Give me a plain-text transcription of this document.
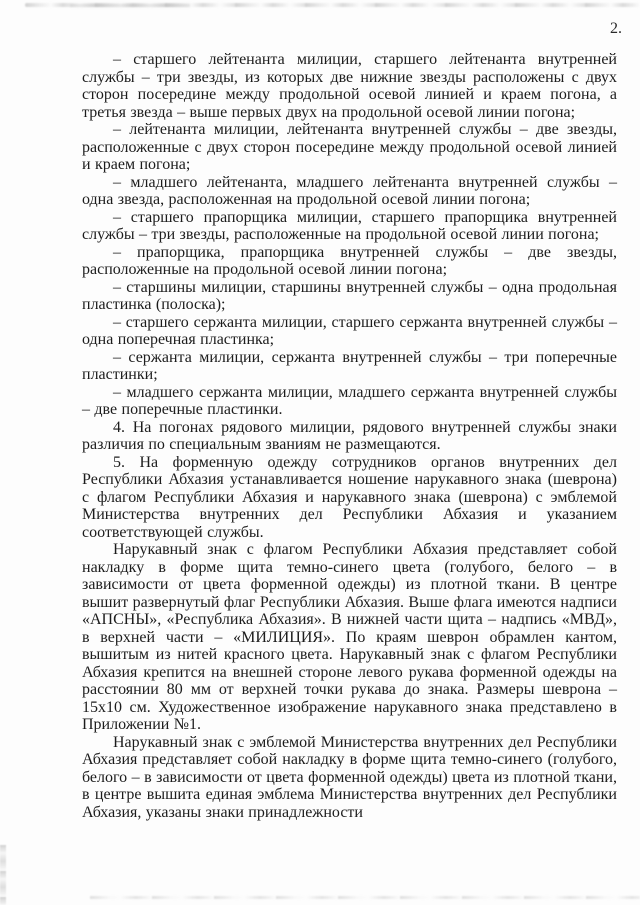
2.

– старшего лейтенанта милиции, старшего лейтенанта внутренней службы – три звезды, из которых две нижние звезды расположены с двух сторон посередине между продольной осевой линией и краем погона, а третья звезда – выше первых двух на продольной осевой линии погона;

– лейтенанта милиции, лейтенанта внутренней службы – две звезды, расположенные с двух сторон посередине между продольной осевой линией и краем погона;

– младшего лейтенанта, младшего лейтенанта внутренней службы – одна звезда, расположенная на продольной осевой линии погона;

– старшего прапорщика милиции, старшего прапорщика внутренней службы – три звезды, расположенные на продольной осевой линии погона;

– прапорщика, прапорщика внутренней службы – две звезды, расположенные на продольной осевой линии погона;

– старшины милиции, старшины внутренней службы – одна продольная пластинка (полоска);

– старшего сержанта милиции, старшего сержанта внутренней службы – одна поперечная пластинка;

– сержанта милиции, сержанта внутренней службы – три поперечные пластинки;

– младшего сержанта милиции, младшего сержанта внутренней службы – две поперечные пластинки.

4. На погонах рядового милиции, рядового внутренней службы знаки различия по специальным званиям не размещаются.

5. На форменную одежду сотрудников органов внутренних дел Республики Абхазия устанавливается ношение нарукавного знака (шеврона) с флагом Республики Абхазия и нарукавного знака (шеврона) с эмблемой Министерства внутренних дел Республики Абхазия и указанием соответствующей службы.

Нарукавный знак с флагом Республики Абхазия представляет собой накладку в форме щита темно-синего цвета (голубого, белого – в зависимости от цвета форменной одежды) из плотной ткани. В центре вышит развернутый флаг Республики Абхазия. Выше флага имеются надписи «АПСНЫ», «Республика Абхазия». В нижней части щита – надпись «МВД», в верхней части – «МИЛИЦИЯ». По краям шеврон обрамлен кантом, вышитым из нитей красного цвета. Нарукавный знак с флагом Республики Абхазия крепится на внешней стороне левого рукава форменной одежды на расстоянии 80 мм от верхней точки рукава до знака. Размеры шеврона – 15х10 см. Художественное изображение нарукавного знака представлено в Приложении №1.

Нарукавный знак с эмблемой Министерства внутренних дел Республики Абхазия представляет собой накладку в форме щита темно-синего (голубого, белого – в зависимости от цвета форменной одежды) цвета из плотной ткани, в центре вышита единая эмблема Министерства внутренних дел Республики Абхазия, указаны знаки принадлежности
